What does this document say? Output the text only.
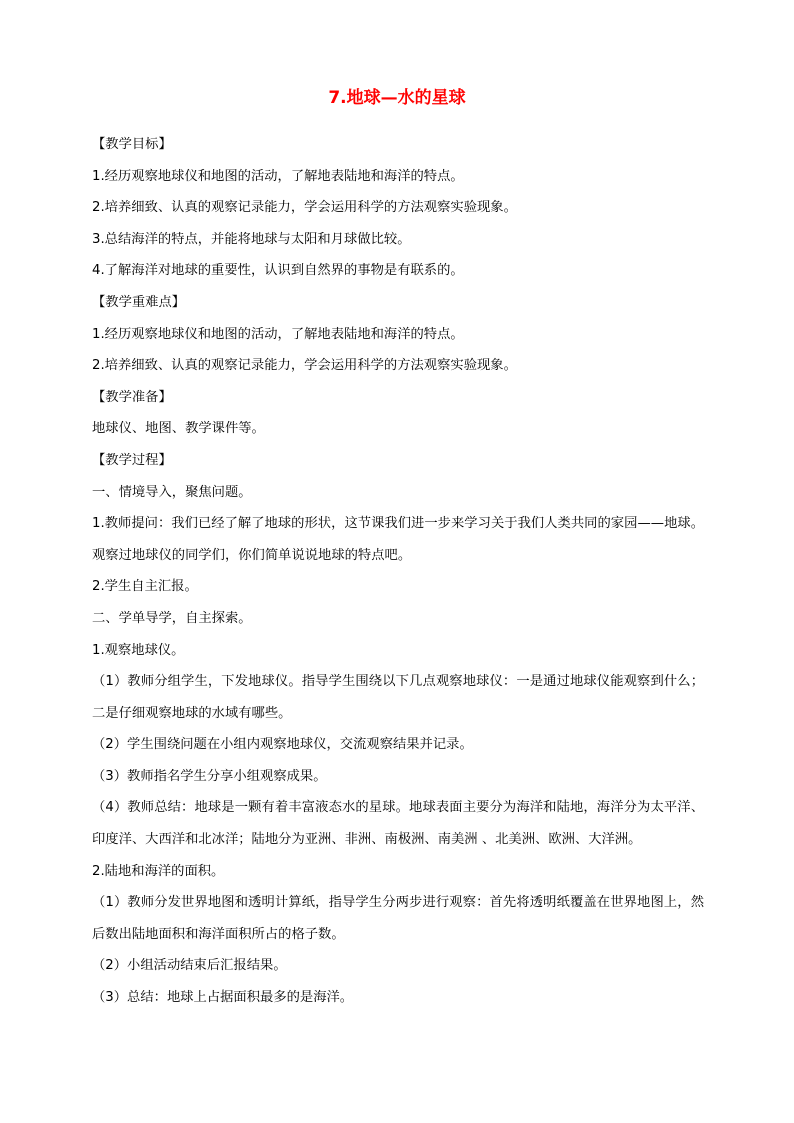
7.地球—水的星球

【教学目标】

1.经历观察地球仪和地图的活动，了解地表陆地和海洋的特点。

2.培养细致、认真的观察记录能力，学会运用科学的方法观察实验现象。

3.总结海洋的特点，并能将地球与太阳和月球做比较。

4.了解海洋对地球的重要性，认识到自然界的事物是有联系的。

【教学重难点】

1.经历观察地球仪和地图的活动，了解地表陆地和海洋的特点。

2.培养细致、认真的观察记录能力，学会运用科学的方法观察实验现象。

【教学准备】

地球仪、地图、教学课件等。

【教学过程】

一、情境导入，聚焦问题。

1.教师提问：我们已经了解了地球的形状，这节课我们进一步来学习关于我们人类共同的家园——地球。观察过地球仪的同学们，你们简单说说地球的特点吧。

2.学生自主汇报。

二、学单导学，自主探索。

1.观察地球仪。

（1）教师分组学生，下发地球仪。指导学生围绕以下几点观察地球仪：一是通过地球仪能观察到什么；二是仔细观察地球的水域有哪些。

（2）学生围绕问题在小组内观察地球仪，交流观察结果并记录。

（3）教师指名学生分享小组观察成果。

（4）教师总结：地球是一颗有着丰富液态水的星球。地球表面主要分为海洋和陆地，海洋分为太平洋、印度洋、大西洋和北冰洋；陆地分为亚洲、非洲、南极洲、南美洲 、北美洲、欧洲、大洋洲。

2.陆地和海洋的面积。

（1）教师分发世界地图和透明计算纸，指导学生分两步进行观察：首先将透明纸覆盖在世界地图上，然后数出陆地面积和海洋面积所占的格子数。

（2）小组活动结束后汇报结果。

（3）总结：地球上占据面积最多的是海洋。
